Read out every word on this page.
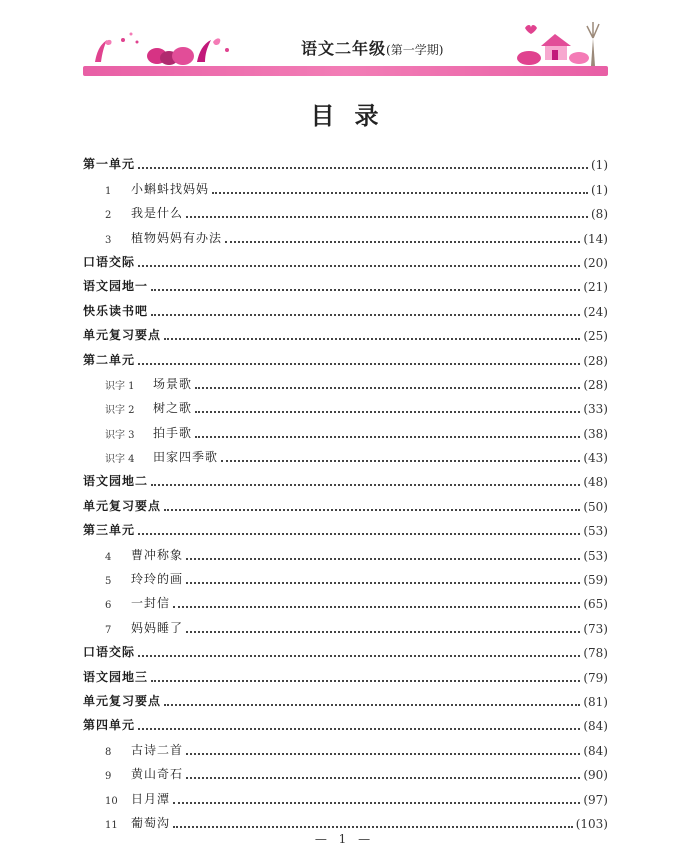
语文二年级(第一学期)
目录
第一单元	(1)
1	小蝌蚪找妈妈	(1)
2	我是什么	(8)
3	植物妈妈有办法	(14)
口语交际	(20)
语文园地一	(21)
快乐读书吧	(24)
单元复习要点	(25)
第二单元	(28)
识字 1	场景歌	(28)
识字 2	树之歌	(33)
识字 3	拍手歌	(38)
识字 4	田家四季歌	(43)
语文园地二	(48)
单元复习要点	(50)
第三单元	(53)
4	曹冲称象	(53)
5	玲玲的画	(59)
6	一封信	(65)
7	妈妈睡了	(73)
口语交际	(78)
语文园地三	(79)
单元复习要点	(81)
第四单元	(84)
8	古诗二首	(84)
9	黄山奇石	(90)
10	日月潭	(97)
11	葡萄沟	(103)
— 1 —
